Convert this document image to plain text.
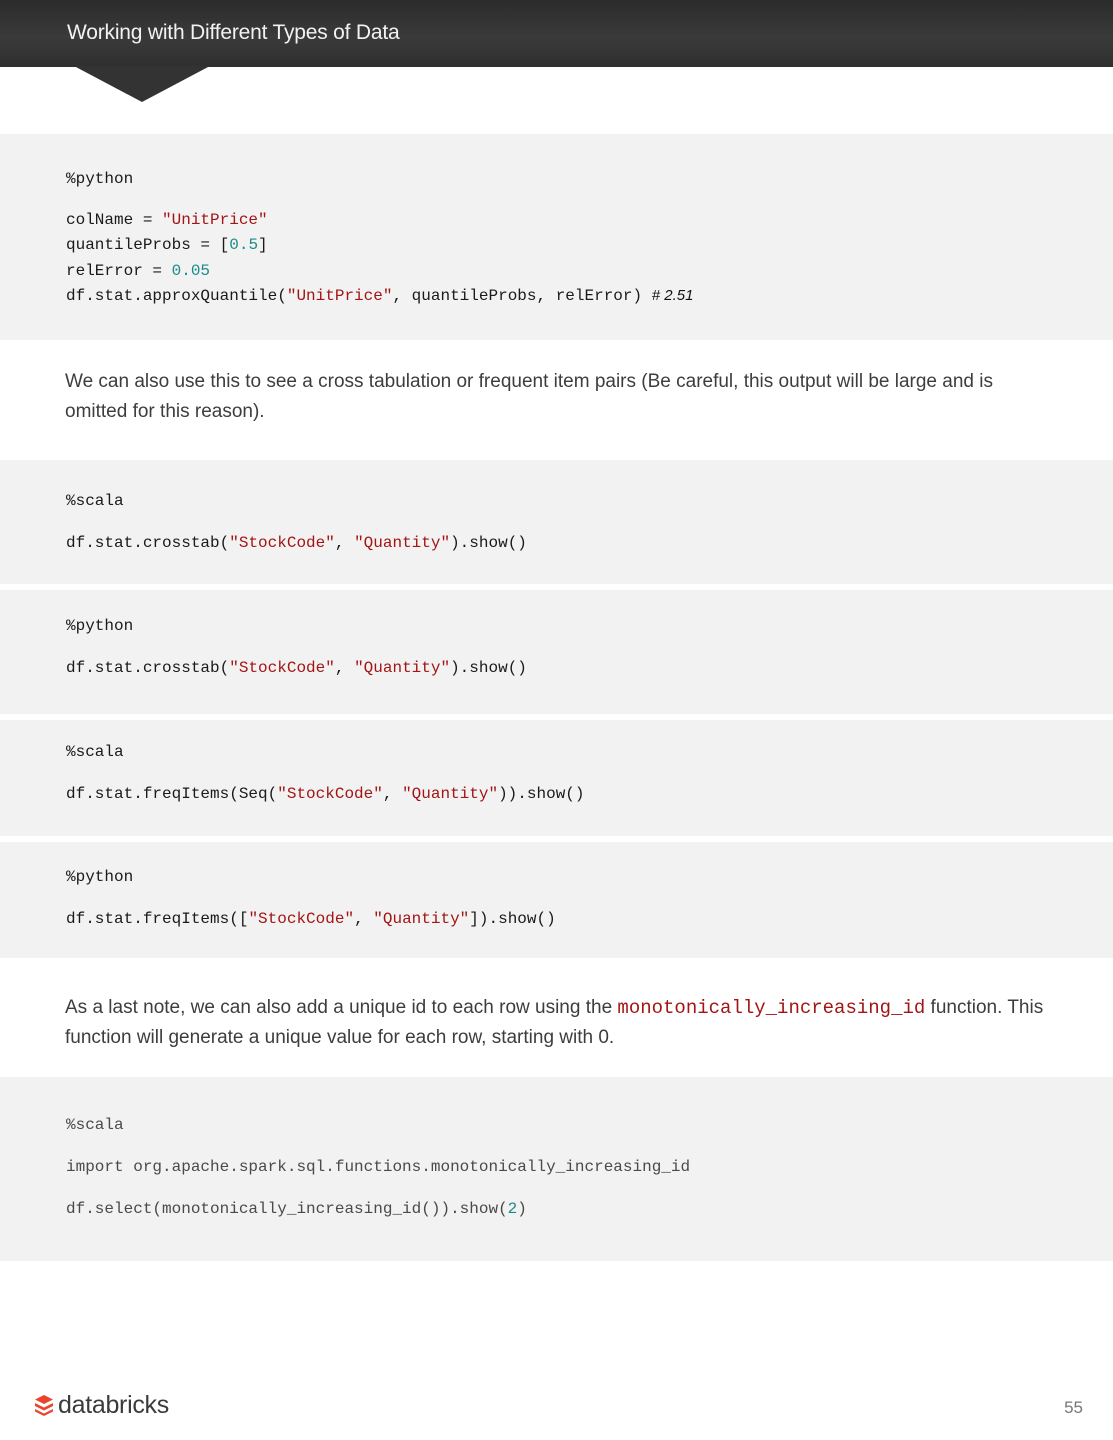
Working with Different Types of Data
%python
colName = "UnitPrice"
quantileProbs = [0.5]
relError = 0.05
df.stat.approxQuantile("UnitPrice", quantileProbs, relError) # 2.51
We can also use this to see a cross tabulation or frequent item pairs (Be careful, this output will be large and is omitted for this reason).
%scala
df.stat.crosstab("StockCode", "Quantity").show()
%python
df.stat.crosstab("StockCode", "Quantity").show()
%scala
df.stat.freqItems(Seq("StockCode", "Quantity")).show()
%python
df.stat.freqItems(["StockCode", "Quantity"]).show()
As a last note, we can also add a unique id to each row using the monotonically_increasing_id function. This function will generate a unique value for each row, starting with 0.
%scala
import org.apache.spark.sql.functions.monotonically_increasing_id
df.select(monotonically_increasing_id()).show(2)
databricks	55
